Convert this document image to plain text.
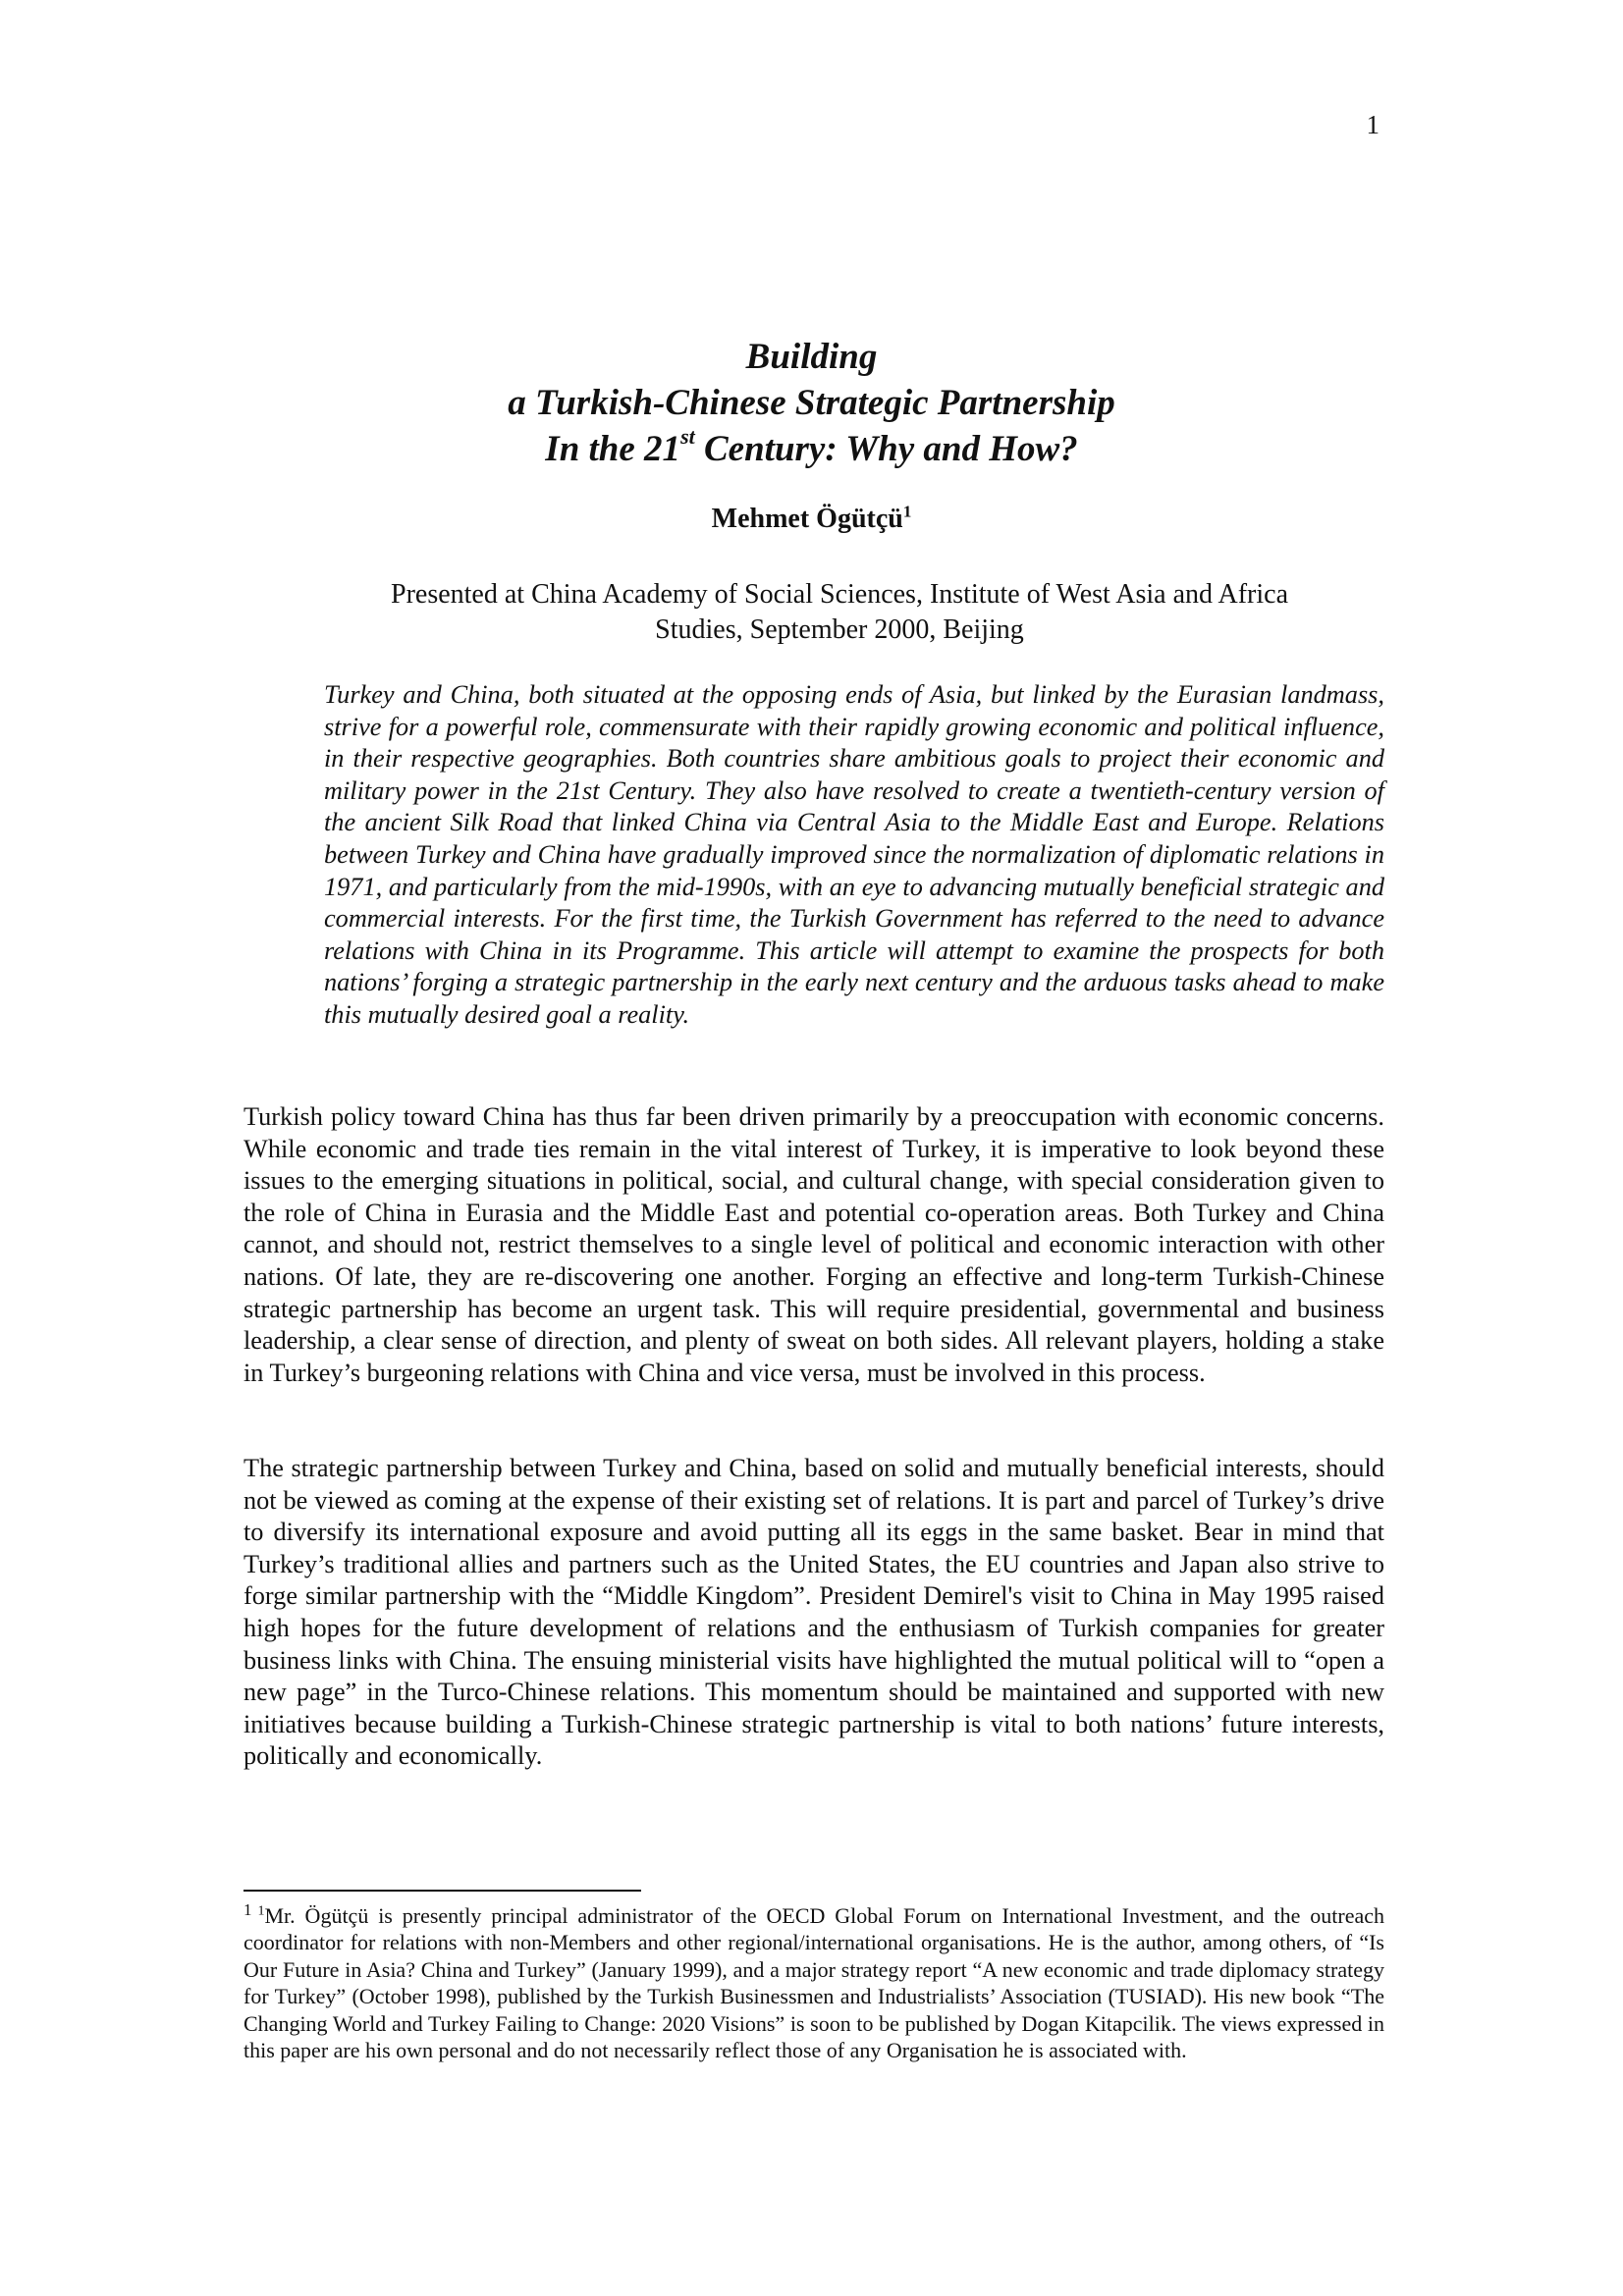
1
Building
a Turkish-Chinese Strategic Partnership
In the 21st Century: Why and How?
Mehmet Ögütçü$^1$
Presented at China Academy of Social Sciences, Institute of West Asia and Africa
Studies, September 2000, Beijing

Turkey and China, both situated at the opposing ends of Asia, but linked by the Eurasian landmass, strive for a powerful role, commensurate with their rapidly growing economic and political influence, in their respective geographies. Both countries share ambitious goals to project their economic and military power in the 21st Century. They also have resolved to create a twentieth-century version of the ancient Silk Road that linked China via Central Asia to the Middle East and Europe. Relations between Turkey and China have gradually improved since the normalization of diplomatic relations in 1971, and particularly from the mid-1990s, with an eye to advancing mutually beneficial strategic and commercial interests. For the first time, the Turkish Government has referred to the need to advance relations with China in its Programme. This article will attempt to examine the prospects for both nations’ forging a strategic partnership in the early next century and the arduous tasks ahead to make this mutually desired goal a reality.

Turkish policy toward China has thus far been driven primarily by a preoccupation with economic concerns. While economic and trade ties remain in the vital interest of Turkey, it is imperative to look beyond these issues to the emerging situations in political, social, and cultural change, with special consideration given to the role of China in Eurasia and the Middle East and potential co-operation areas. Both Turkey and China cannot, and should not, restrict themselves to a single level of political and economic interaction with other nations. Of late, they are re-discovering one another. Forging an effective and long-term Turkish-Chinese strategic partnership has become an urgent task. This will require presidential, governmental and business leadership, a clear sense of direction, and plenty of sweat on both sides. All relevant players, holding a stake in Turkey’s burgeoning relations with China and vice versa, must be involved in this process.

The strategic partnership between Turkey and China, based on solid and mutually beneficial interests, should not be viewed as coming at the expense of their existing set of relations. It is part and parcel of Turkey’s drive to diversify its international exposure and avoid putting all its eggs in the same basket. Bear in mind that Turkey’s traditional allies and partners such as the United States, the EU countries and Japan also strive to forge similar partnership with the “Middle Kingdom”. President Demirel's visit to China in May 1995 raised high hopes for the future development of relations and the enthusiasm of Turkish companies for greater business links with China. The ensuing ministerial visits have highlighted the mutual political will to “open a new page” in the Turco-Chinese relations. This momentum should be maintained and supported with new initiatives because building a Turkish-Chinese strategic partnership is vital to both nations’ future interests, politically and economically.

$^1$ $^1$Mr. Ögütçü is presently principal administrator of the OECD Global Forum on International Investment, and the outreach coordinator for relations with non-Members and other regional/international organisations. He is the author, among others, of “Is Our Future in Asia? China and Turkey” (January 1999), and a major strategy report “A new economic and trade diplomacy strategy for Turkey” (October 1998), published by the Turkish Businessmen and Industrialists’ Association (TUSIAD). His new book “The Changing World and Turkey Failing to Change: 2020 Visions” is soon to be published by Dogan Kitapcilik. The views expressed in this paper are his own personal and do not necessarily reflect those of any Organisation he is associated with.
